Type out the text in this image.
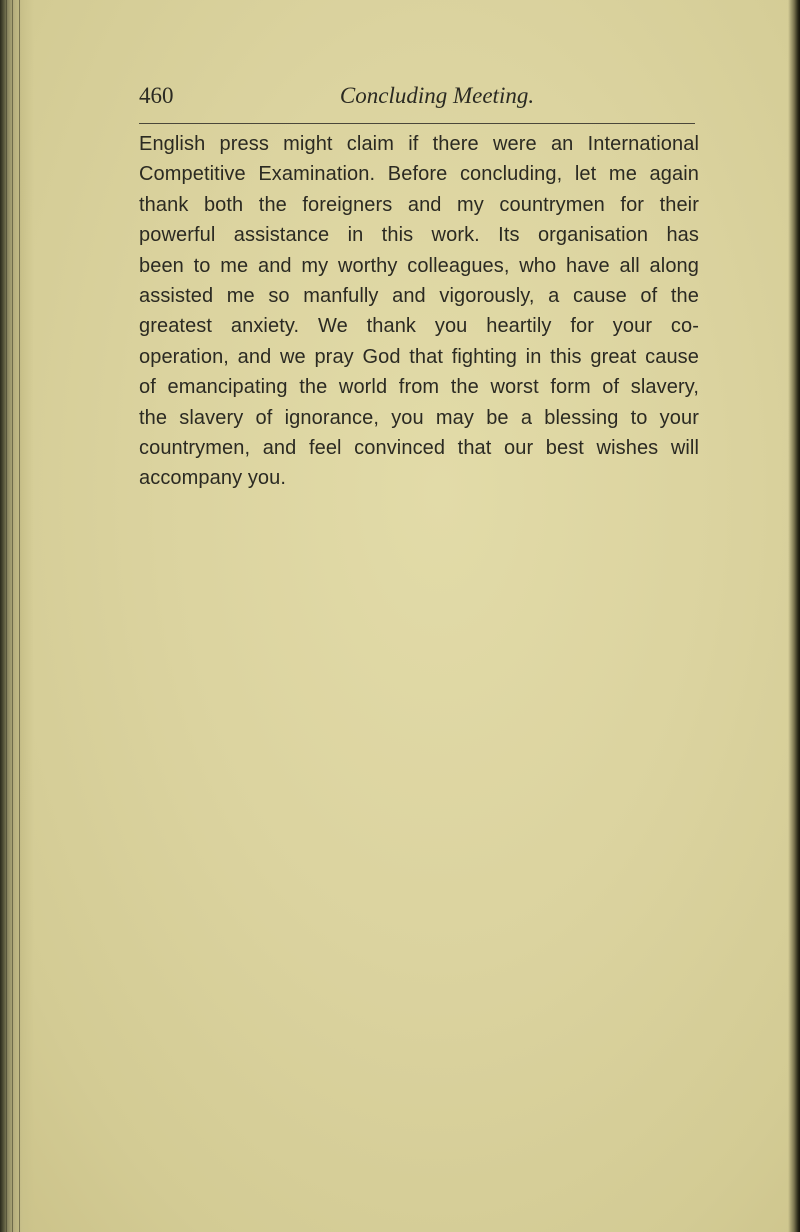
460	Concluding Meeting.

English press might claim if there were an International
Competitive Examination. Before concluding, let me again
thank both the foreigners and my countrymen for their
powerful assistance in this work. Its organisation has
been to me and my worthy colleagues, who have all along
assisted me so manfully and vigorously, a cause of the
greatest anxiety. We thank you heartily for your co-
operation, and we pray God that fighting in this great cause
of emancipating the world from the worst form of slavery,
the slavery of ignorance, you may be a blessing to your
countrymen, and feel convinced that our best wishes will
accompany you.
